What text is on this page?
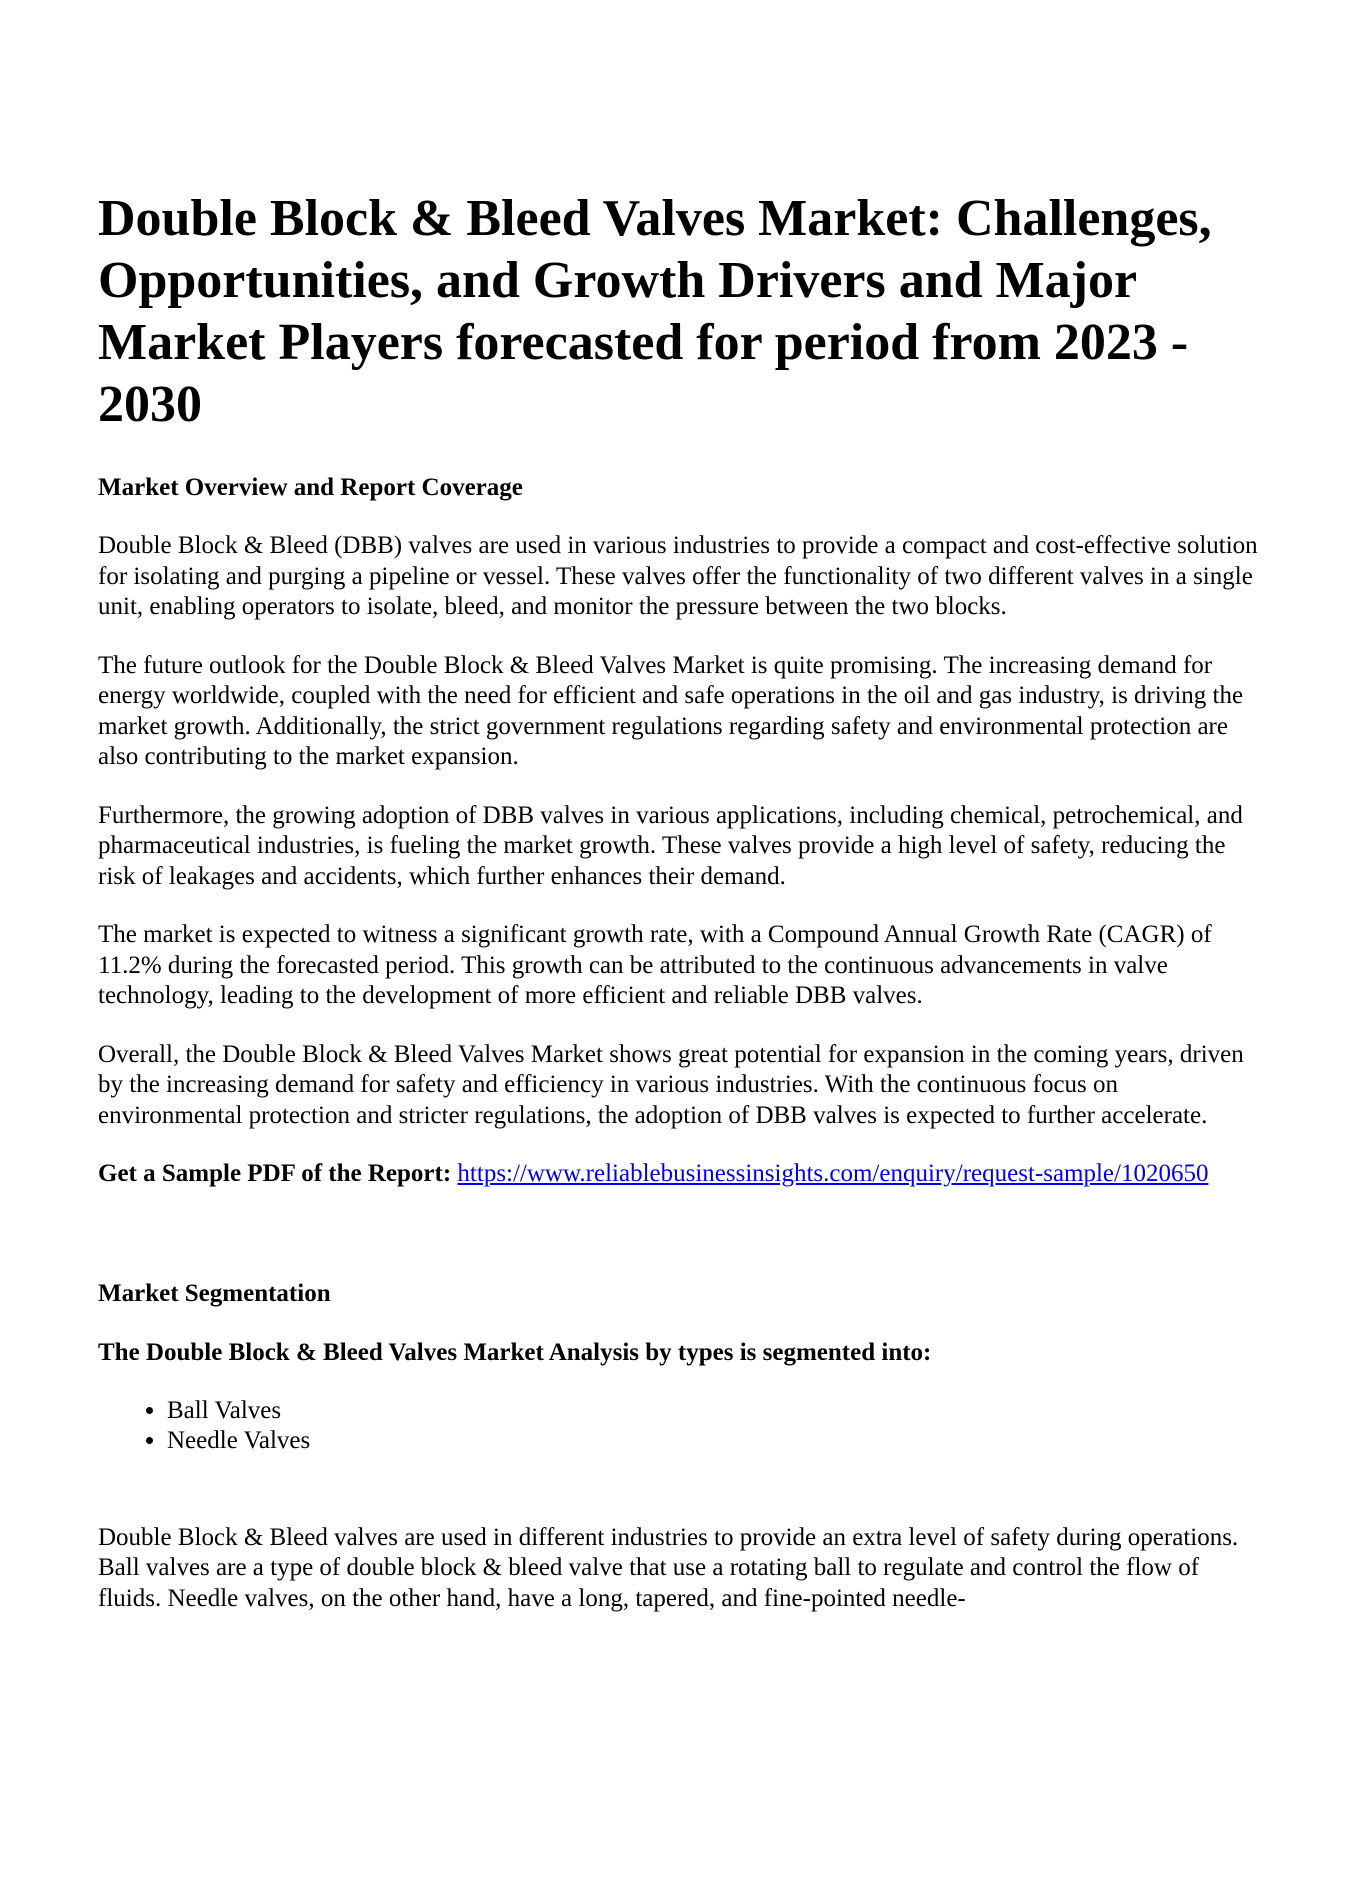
Double Block & Bleed Valves Market: Challenges, Opportunities, and Growth Drivers and Major Market Players forecasted for period from 2023 - 2030
Market Overview and Report Coverage

Double Block & Bleed (DBB) valves are used in various industries to provide a compact and cost-effective solution for isolating and purging a pipeline or vessel. These valves offer the functionality of two different valves in a single unit, enabling operators to isolate, bleed, and monitor the pressure between the two blocks.

The future outlook for the Double Block & Bleed Valves Market is quite promising. The increasing demand for energy worldwide, coupled with the need for efficient and safe operations in the oil and gas industry, is driving the market growth. Additionally, the strict government regulations regarding safety and environmental protection are also contributing to the market expansion.

Furthermore, the growing adoption of DBB valves in various applications, including chemical, petrochemical, and pharmaceutical industries, is fueling the market growth. These valves provide a high level of safety, reducing the risk of leakages and accidents, which further enhances their demand.

The market is expected to witness a significant growth rate, with a Compound Annual Growth Rate (CAGR) of 11.2% during the forecasted period. This growth can be attributed to the continuous advancements in valve technology, leading to the development of more efficient and reliable DBB valves.

Overall, the Double Block & Bleed Valves Market shows great potential for expansion in the coming years, driven by the increasing demand for safety and efficiency in various industries. With the continuous focus on environmental protection and stricter regulations, the adoption of DBB valves is expected to further accelerate.

Get a Sample PDF of the Report: https://www.reliablebusinessinsights.com/enquiry/request-sample/1020650

Market Segmentation
The Double Block & Bleed Valves Market Analysis by types is segmented into:
• Ball Valves
• Needle Valves

Double Block & Bleed valves are used in different industries to provide an extra level of safety during operations. Ball valves are a type of double block & bleed valve that use a rotating ball to regulate and control the flow of fluids. Needle valves, on the other hand, have a long, tapered, and fine-pointed needle-
